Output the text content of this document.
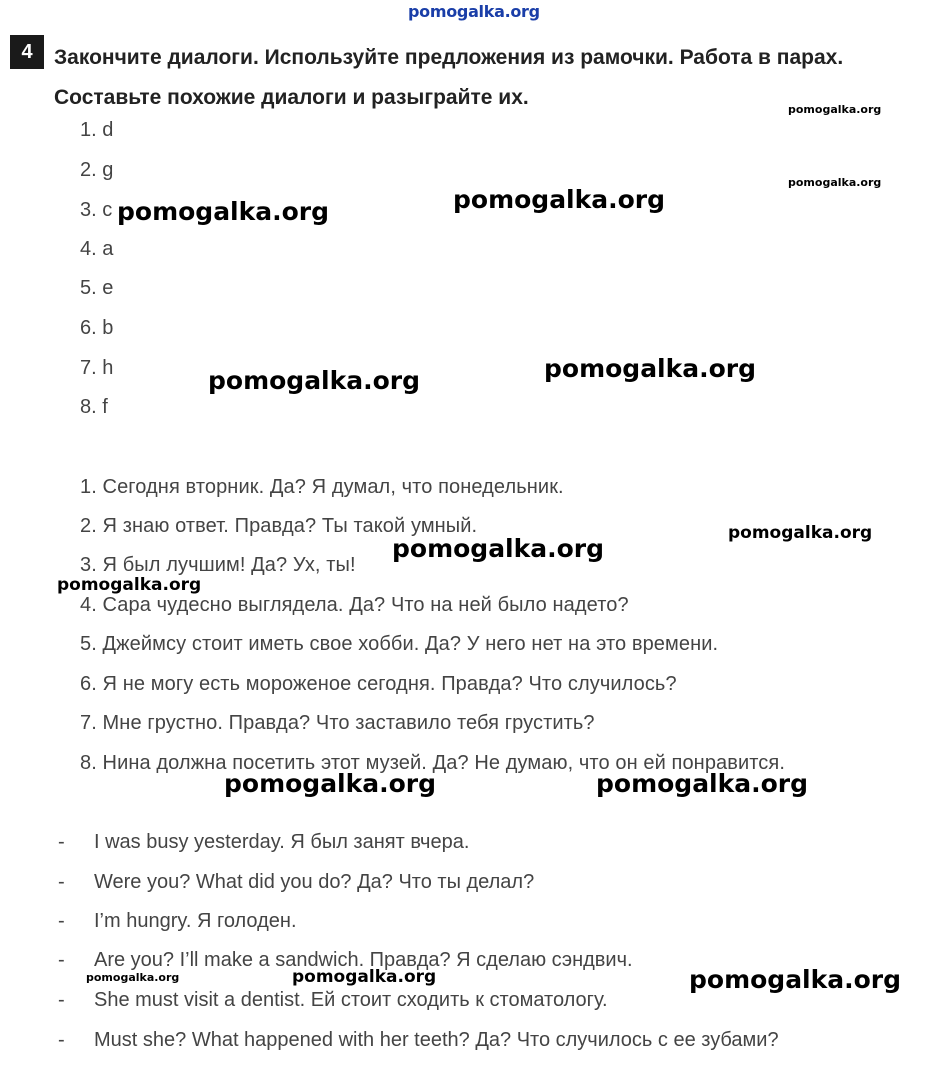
pomogalka.org
4	Закончите диалоги. Используйте предложения из рамочки. Работа в парах. Составьте похожие диалоги и разыграйте их.
1. d
2. g
3. c
4. a
5. e
6. b
7. h
8. f
1. Сегодня вторник. Да? Я думал, что понедельник.
2. Я знаю ответ. Правда? Ты такой умный.
3. Я был лучшим! Да? Ух, ты!
4. Сара чудесно выглядела. Да? Что на ней было надето?
5. Джеймсу стоит иметь свое хобби. Да? У него нет на это времени.
6. Я не могу есть мороженое сегодня. Правда? Что случилось?
7. Мне грустно. Правда? Что заставило тебя грустить?
8. Нина должна посетить этот музей. Да? Не думаю, что он ей понравится.
- I was busy yesterday. Я был занят вчера.
- Were you? What did you do? Да? Что ты делал?
- I’m hungry. Я голоден.
- Are you? I’ll make a sandwich. Правда? Я сделаю сэндвич.
- She must visit a dentist. Ей стоит сходить к стоматологу.
- Must she? What happened with her teeth? Да? Что случилось с ее зубами?
pomogalka.org
pomogalka.org
pomogalka.org	pomogalka.org
pomogalka.org	pomogalka.org
pomogalka.org
pomogalka.org
pomogalka.org
pomogalka.org	pomogalka.org
pomogalka.org	pomogalka.org	pomogalka.org
